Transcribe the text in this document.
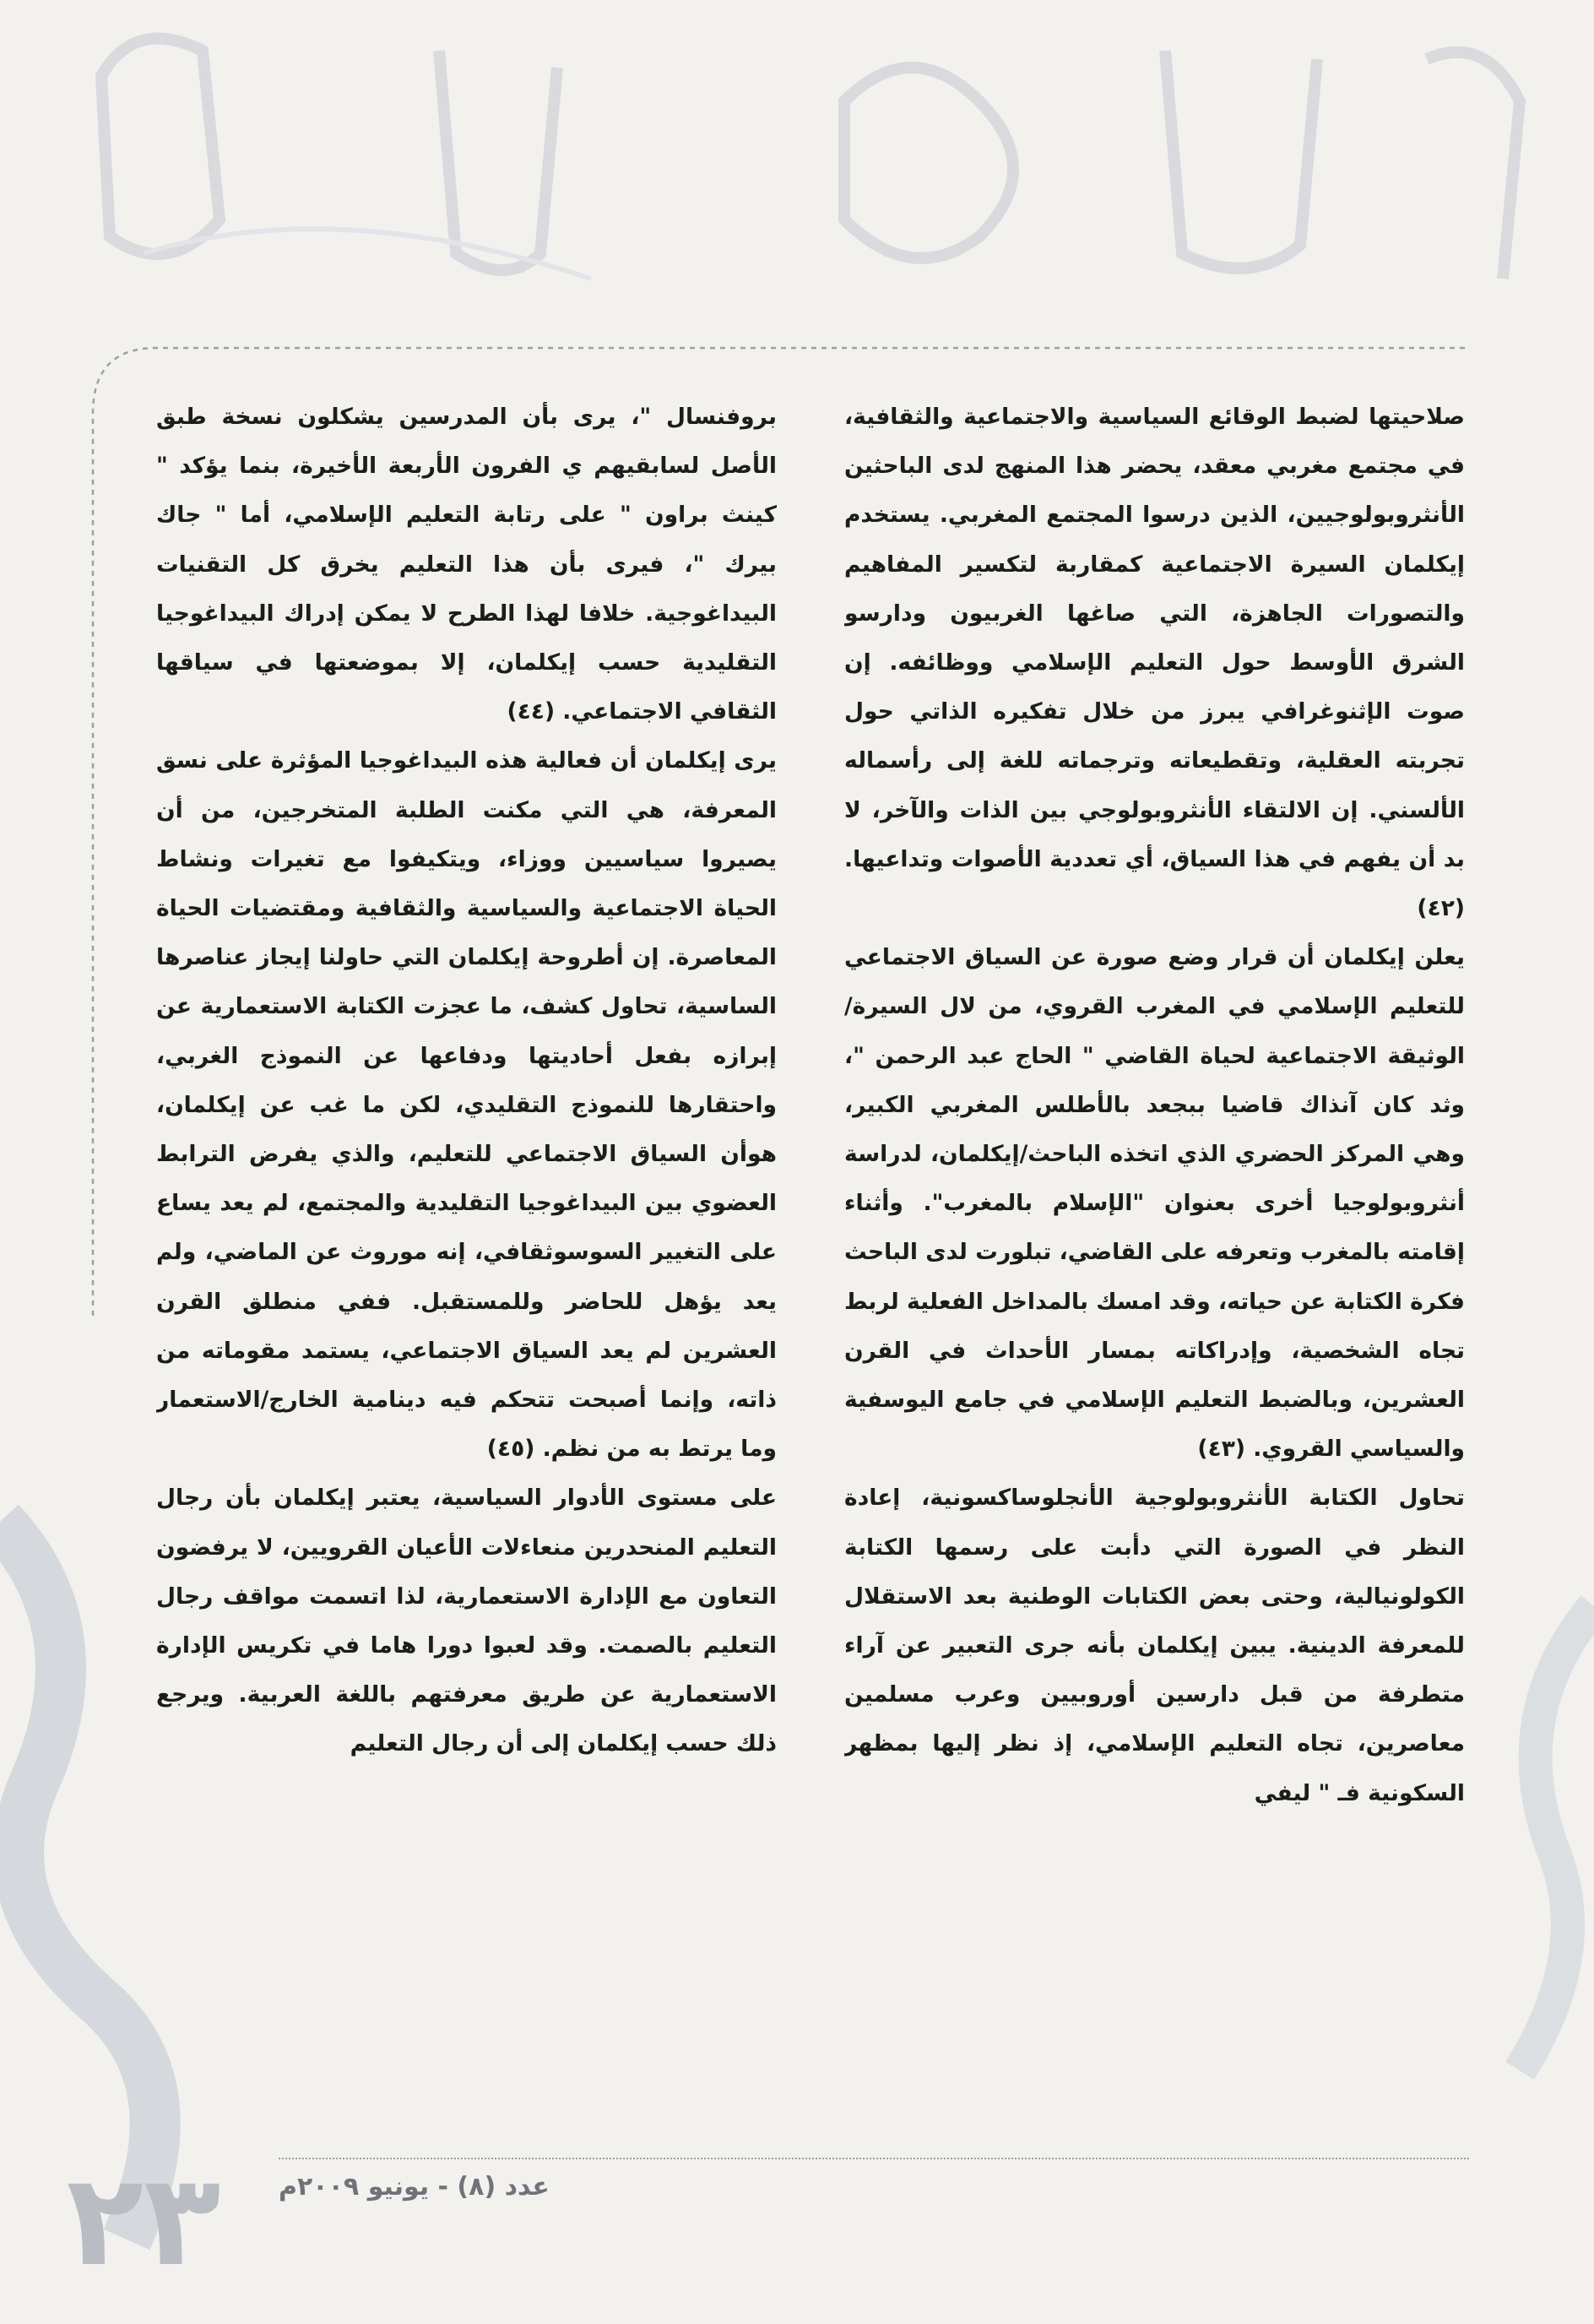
صلاحيتها لضبط الوقائع السياسية والاجتماعية والثقافية، في مجتمع مغربي معقد، يحضر هذا المنهج لدى الباحثين الأنثروبولوجيين، الذين درسوا المجتمع المغربي. يستخدم إيكلمان السيرة الاجتماعية كمقاربة لتكسير المفاهيم والتصورات الجاهزة، التي صاغها الغربيون ودارسو الشرق الأوسط حول التعليم الإسلامي ووظائفه. إن صوت الإثنوغرافي يبرز من خلال تفكيره الذاتي حول تجربته العقلية، وتقطيعاته وترجماته للغة إلى رأسماله الألسني. إن الالتقاء الأنثروبولوجي بين الذات والآخر، لا بد أن يفهم في هذا السياق، أي تعددية الأصوات وتداعيها. (٤٢)

يعلن إيكلمان أن قرار وضع صورة عن السياق الاجتماعي للتعليم الإسلامي في المغرب القروي، من لال السيرة/الوثيقة الاجتماعية لحياة القاضي " الحاج عبد الرحمن "، وثد كان آنذاك قاضيا ببجعد بالأطلس المغربي الكبير، وهي المركز الحضري الذي اتخذه الباحث/إيكلمان، لدراسة أنثروبولوجيا أخرى بعنوان "الإسلام بالمغرب". وأثناء إقامته بالمغرب وتعرفه على القاضي، تبلورت لدى الباحث فكرة الكتابة عن حياته، وقد امسك بالمداخل الفعلية لربط تجاه الشخصية، وإدراكاته بمسار الأحداث في القرن العشرين، وبالضبط التعليم الإسلامي في جامع اليوسفية والسياسي القروي. (٤٣)

تحاول الكتابة الأنثروبولوجية الأنجلوساكسونية، إعادة النظر في الصورة التي دأبت على رسمها الكتابة الكولونيالية، وحتى بعض الكتابات الوطنية بعد الاستقلال للمعرفة الدينية. يبين إيكلمان بأنه جرى التعبير عن آراء متطرفة من قبل دارسين أوروبيين وعرب مسلمين معاصرين، تجاه التعليم الإسلامي، إذ نظر إليها بمظهر السكونية فـ " ليفي

بروفنسال "، يرى بأن المدرسين يشكلون نسخة طبق الأصل لسابقيهم ي الفرون الأربعة الأخيرة، بنما يؤكد " كينث براون " على رتابة التعليم الإسلامي، أما " جاك بيرك "، فيرى بأن هذا التعليم يخرق كل التقنيات البيداغوجية. خلافا لهذا الطرح لا يمكن إدراك البيداغوجيا التقليدية حسب إيكلمان، إلا بموضعتها في سياقها الثقافي الاجتماعي. (٤٤)

يرى إيكلمان أن فعالية هذه البيداغوجيا المؤثرة على نسق المعرفة، هي التي مكنت الطلبة المتخرجين، من أن يصيروا سياسيين ووزاء، ويتكيفوا مع تغيرات ونشاط الحياة الاجتماعية والسياسية والثقافية ومقتضيات الحياة المعاصرة. إن أطروحة إيكلمان التي حاولنا إيجاز عناصرها الساسية، تحاول كشف، ما عجزت الكتابة الاستعمارية عن إبرازه بفعل أحاديتها ودفاعها عن النموذج الغربي، واحتقارها للنموذج التقليدي، لكن ما غب عن إيكلمان، هوأن السياق الاجتماعي للتعليم، والذي يفرض الترابط العضوي بين البيداغوجيا التقليدية والمجتمع، لم يعد يساع على التغيير السوسوثقافي، إنه موروث عن الماضي، ولم يعد يؤهل للحاضر وللمستقبل. ففي منطلق القرن العشرين لم يعد السياق الاجتماعي، يستمد مقوماته من ذاته، وإنما أصبحت تتحكم فيه دينامية الخارج/الاستعمار وما يرتط به من نظم. (٤٥)

على مستوى الأدوار السياسية، يعتبر إيكلمان بأن رجال التعليم المنحدرين منعاءلات الأعيان القرويين، لا يرفضون التعاون مع الإدارة الاستعمارية، لذا اتسمت مواقف رجال التعليم بالصمت. وقد لعبوا دورا هاما في تكريس الإدارة الاستعمارية عن طريق معرفتهم باللغة العربية. ويرجع ذلك حسب إيكلمان إلى أن رجال التعليم

عدد (٨) - يونيو ٢٠٠٩م
٢٣
